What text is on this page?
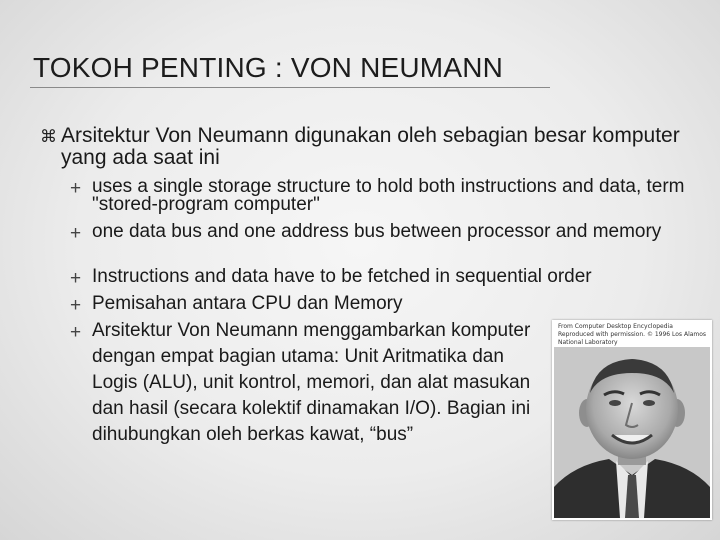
TOKOH PENTING : VON NEUMANN
⌘ Arsitektur Von Neumann digunakan oleh sebagian besar komputer yang ada saat ini
+ uses a single storage structure to hold both instructions and data, term "stored-program computer"
+ one data bus and one address bus between processor and memory
+ Instructions and data have to be fetched in sequential order
+ Pemisahan antara CPU dan Memory
+ Arsitektur Von Neumann menggambarkan komputer dengan empat bagian utama: Unit Aritmatika dan Logis (ALU), unit kontrol, memori, dan alat masukan dan hasil (secara kolektif dinamakan I/O). Bagian ini dihubungkan oleh berkas kawat, “bus”
From Computer Desktop Encyclopedia Reproduced with permission. © 1996 Los Alamos National Laboratory
